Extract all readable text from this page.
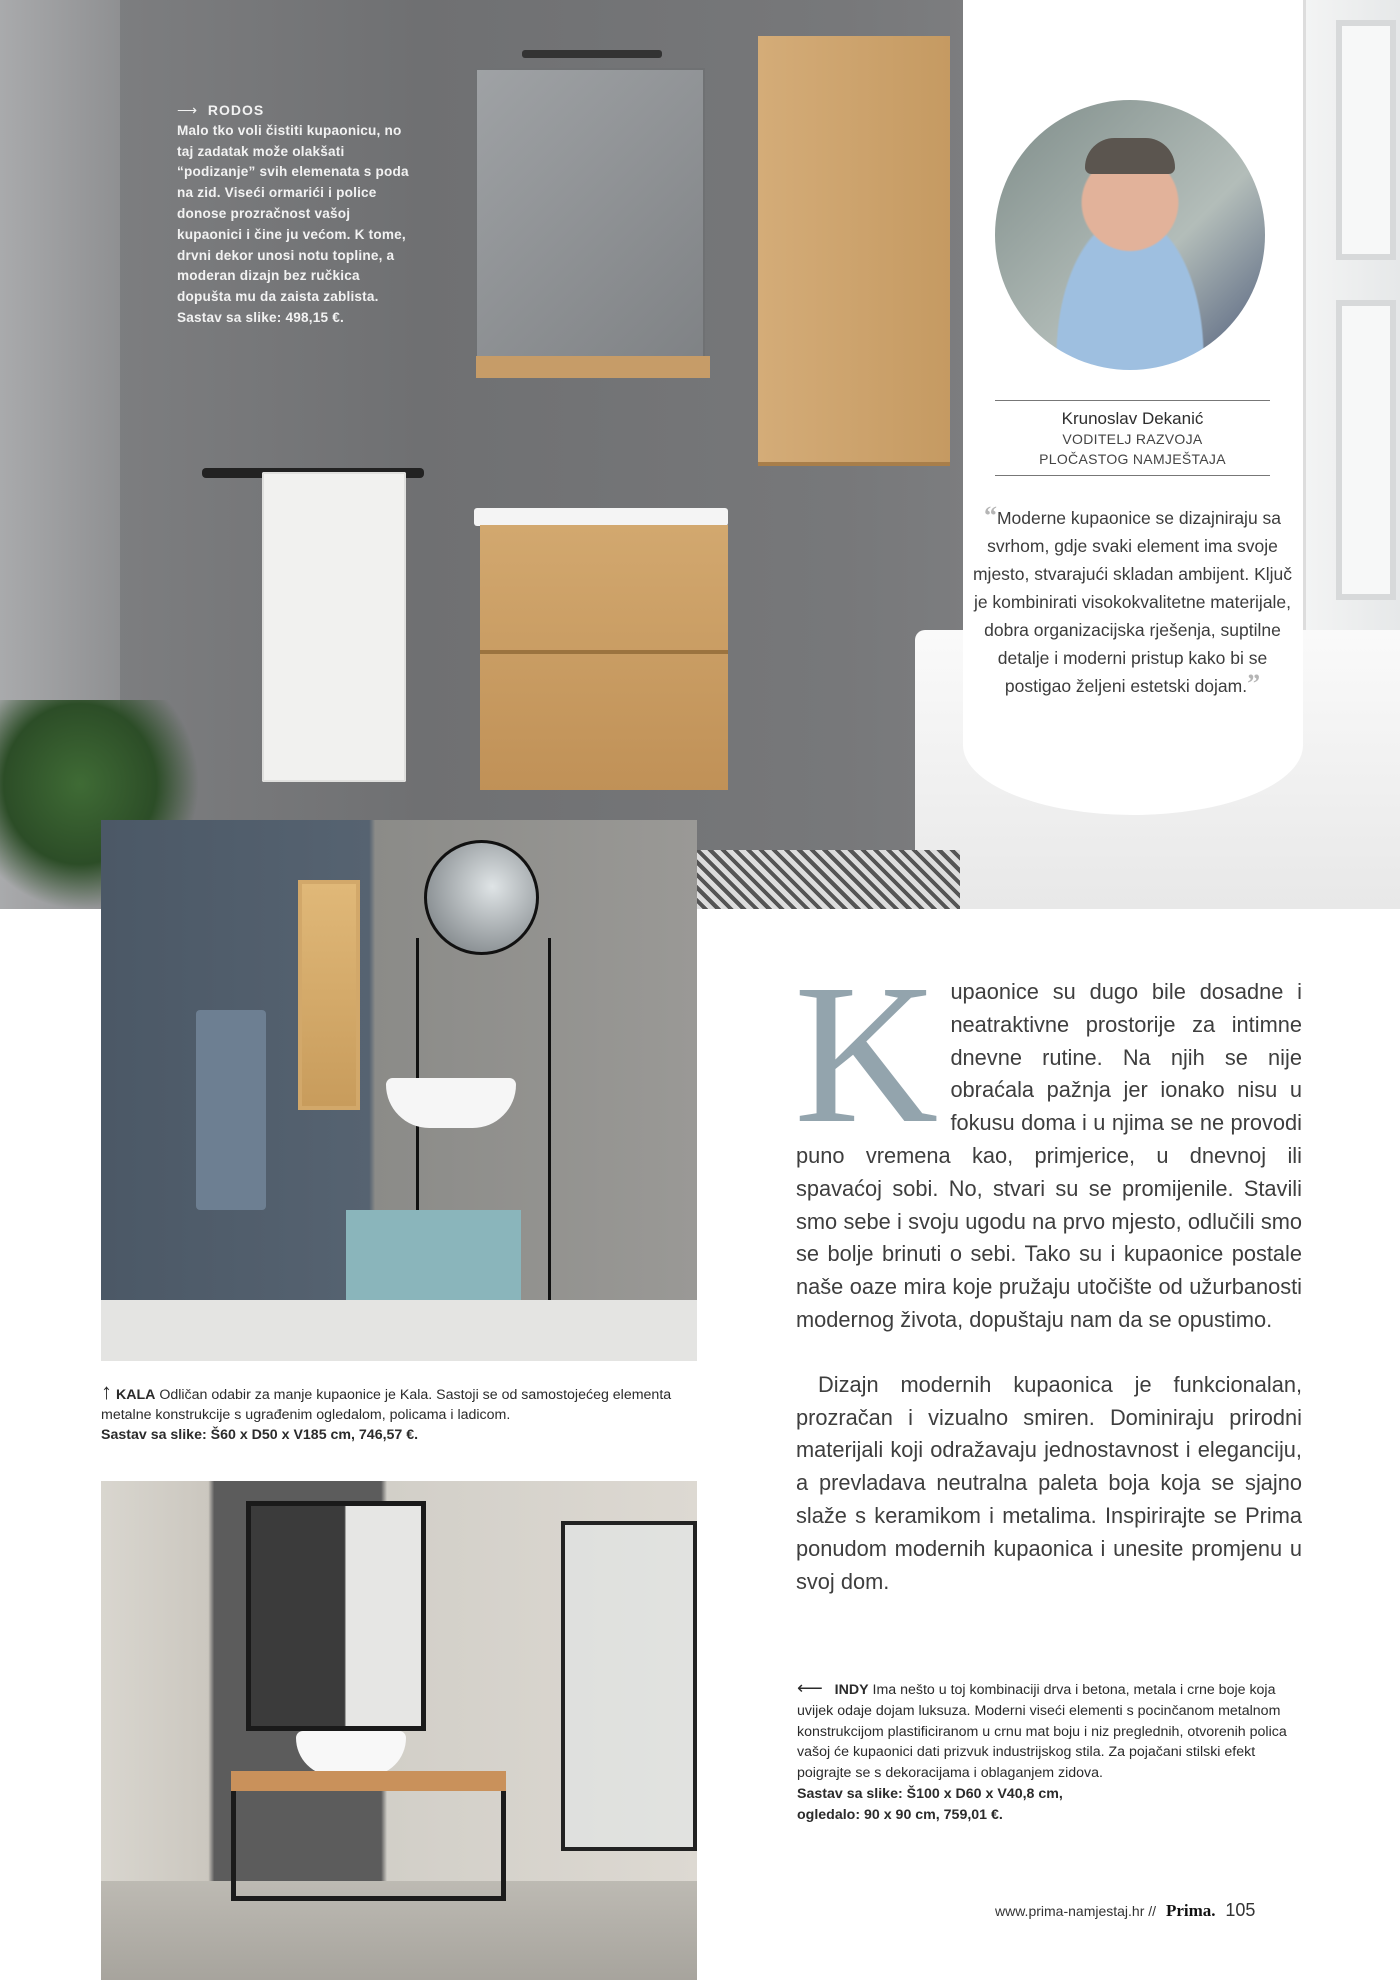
⟶ RODOS
Malo tko voli čistiti kupaonicu, no taj zadatak može olakšati “podizanje” svih elemenata s poda na zid. Viseći ormarići i police donose prozračnost vašoj kupaonici i čine ju većom. K tome, drvni dekor unosi notu topline, a moderan dizajn bez ručkica dopušta mu da zaista zablista.
Sastav sa slike: 498,15 €.
Krunoslav Dekanić
VODITELJ RAZVOJA
PLOČASTOG NAMJEŠTAJA
“Moderne kupaonice se dizajniraju sa svrhom, gdje svaki element ima svoje mjesto, stvarajući skladan ambijent. Ključ je kombinirati visokokvalitetne materijale, dobra organizacijska rješenja, suptilne detalje i moderni pristup kako bi se postigao željeni estetski dojam.”
↑ KALA Odličan odabir za manje kupaonice je Kala. Sastoji se od samostojećeg elementa metalne konstrukcije s ugrađenim ogledalom, policama i ladicom.
Sastav sa slike: Š60 x D50 x V185 cm, 746,57 €.

Kupaonice su dugo bile dosadne i neatraktivne prostorije za intimne dnevne rutine. Na njih se nije obraćala pažnja jer ionako nisu u fokusu doma i u njima se ne provodi puno vremena kao, primjerice, u dnevnoj ili spavaćoj sobi. No, stvari su se promijenile. Stavili smo sebe i svoju ugodu na prvo mjesto, odlučili smo se bolje brinuti o sebi. Tako su i kupaonice postale naše oaze mira koje pružaju utočište od užurbanosti modernog života, dopuštaju nam da se opustimo.

Dizajn modernih kupaonica je funkcionalan, prozračan i vizualno smiren. Dominiraju prirodni materijali koji odražavaju jednostavnost i eleganciju, a prevladava neutralna paleta boja koja se sjajno slaže s keramikom i metalima. Inspirirajte se Prima ponudom modernih kupaonica i unesite promjenu u svoj dom.

⟵ INDY Ima nešto u toj kombinaciji drva i betona, metala i crne boje koja uvijek odaje dojam luksuza. Moderni viseći elementi s pocinčanom metalnom konstrukcijom plastificiranom u crnu mat boju i niz preglednih, otvorenih polica vašoj će kupaonici dati prizvuk industrijskog stila. Za pojačani stilski efekt poigrajte se s dekoracijama i oblaganjem zidova.
Sastav sa slike: Š100 x D60 x V40,8 cm,
ogledalo: 90 x 90 cm, 759,01 €.
www.prima-namjestaj.hr // Prima. 105
